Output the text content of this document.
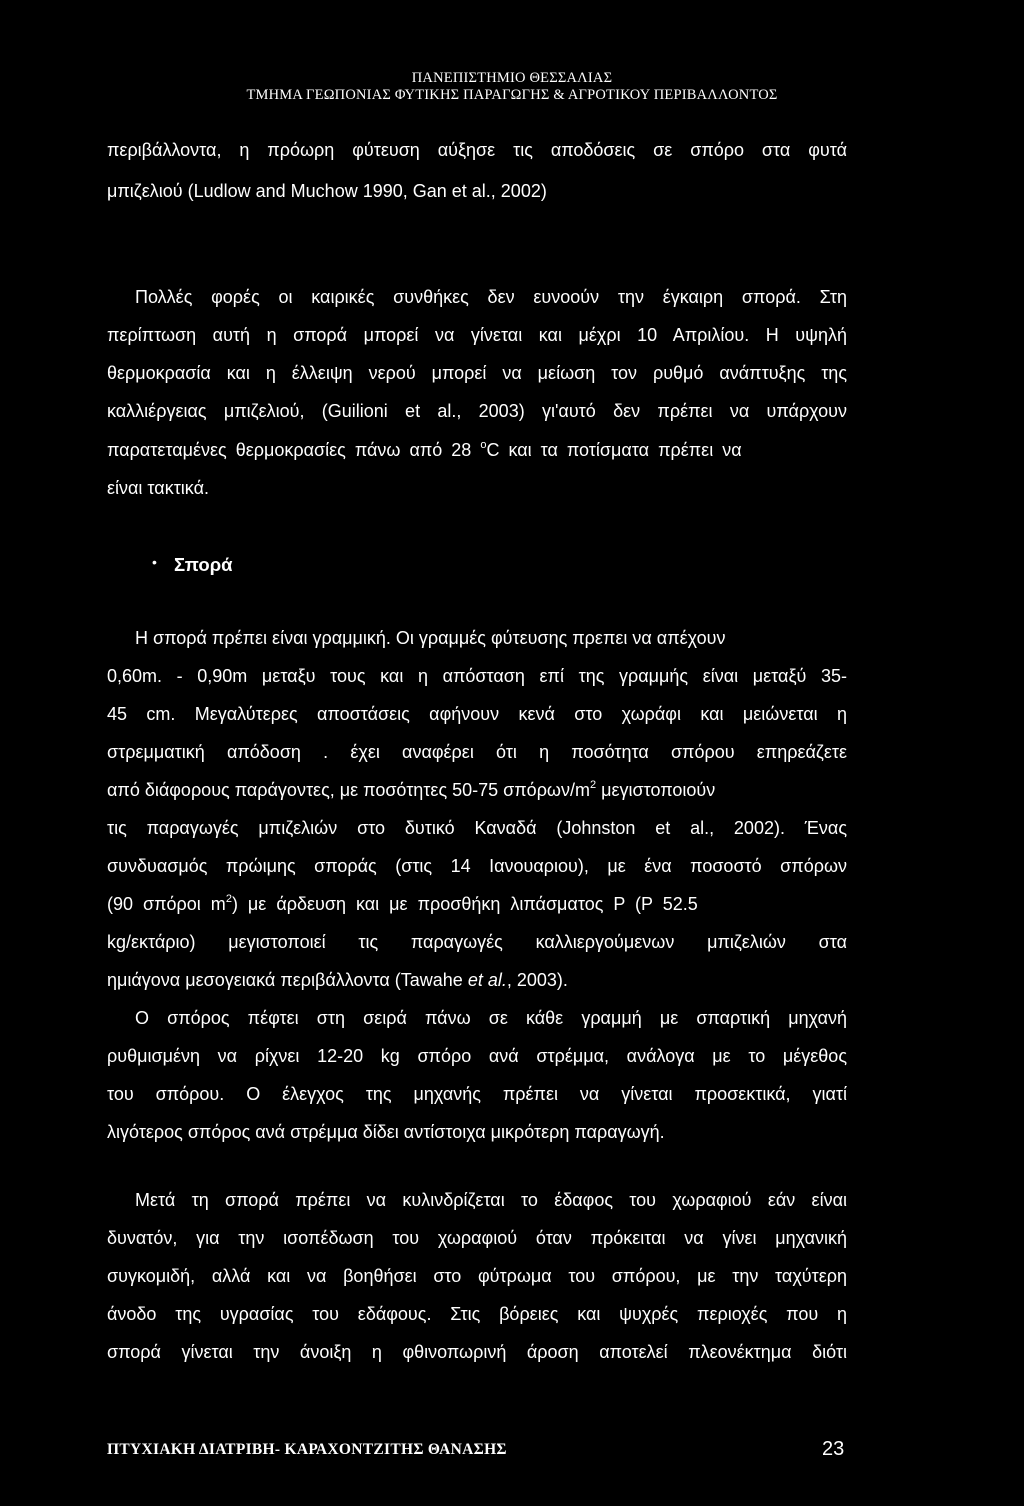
ΠΑΝΕΠΙΣΤΗΜΙΟ ΘΕΣΣΑΛΙΑΣ
ΤΜΗΜΑ ΓΕΩΠΟΝΙΑΣ ΦΥΤΙΚΗΣ ΠΑΡΑΓΩΓΗΣ & ΑΓΡΟΤΙΚΟΥ ΠΕΡΙΒΑΛΛΟΝΤΟΣ
περιβάλλοντα, η πρόωρη φύτευση αύξησε τις αποδόσεις σε σπόρο στα φυτά
μπιζελιού (Ludlow and Muchow 1990, Gan et al., 2002)
Πολλές φορές οι καιρικές συνθήκες δεν ευνοούν την έγκαιρη σπορά. Στη
περίπτωση αυτή η σπορά μπορεί να γίνεται και μέχρι 10 Απριλίου. Η υψηλή
θερμοκρασία και η έλλειψη νερού μπορεί να μείωση τον ρυθμό ανάπτυξης της
καλλιέργειας μπιζελιού, (Guilioni et al., 2003) γι'αυτό δεν πρέπει να υπάρχουν
παρατεταμένες θερμοκρασίες πάνω από 28 $^o$C και τα ποτίσματα πρέπει να
είναι τακτικά.
• Σπορά
Η σπορά πρέπει είναι γραμμική. Οι γραμμές φύτευσης πρεπει να απέχουν
0,60m. - 0,90m μεταξυ τους και η απόσταση επί της γραμμής είναι μεταξύ 35-
45 cm. Μεγαλύτερες αποστάσεις αφήνουν κενά στο χωράφι και μειώνεται η
στρεμματική απόδοση . έχει αναφέρει ότι η ποσότητα σπόρου επηρεάζετε
από διάφορους παράγοντες, με ποσότητες 50-75 σπόρων/$m^2$ μεγιστοποιούν
τις παραγωγές μπιζελιών στο δυτικό Καναδά (Johnston et al., 2002). Ένας
συνδυασμός πρώιμης σποράς (στις 14 Ιανουαριου), με ένα ποσοστό σπόρων
(90 σπόροι $m^2$) με άρδευση και με προσθήκη λιπάσματος P (P 52.5
kg/εκτάριο) μεγιστοποιεί τις παραγωγές καλλιεργούμενων μπιζελιών στα
ημιάγονα μεσογειακά περιβάλλοντα (Tawahe et al., 2003).
Ο σπόρος πέφτει στη σειρά πάνω σε κάθε γραμμή με σπαρτική μηχανή
ρυθμισμένη να ρίχνει 12-20 kg σπόρο ανά στρέμμα, ανάλογα με το μέγεθος
του σπόρου. Ο έλεγχος της μηχανής πρέπει να γίνεται προσεκτικά, γιατί
λιγότερος σπόρος ανά στρέμμα δίδει αντίστοιχα μικρότερη παραγωγή.
Μετά τη σπορά πρέπει να κυλινδρίζεται το έδαφος του χωραφιού εάν είναι
δυνατόν, για την ισοπέδωση του χωραφιού όταν πρόκειται να γίνει μηχανική
συγκομιδή, αλλά και να βοηθήσει στο φύτρωμα του σπόρου, με την ταχύτερη
άνοδο της υγρασίας του εδάφους. Στις βόρειες και ψυχρές περιοχές που η
σπορά γίνεται την άνοιξη η φθινοπωρινή άροση αποτελεί πλεονέκτημα διότι
ΠΤΥΧΙΑΚΗ ΔΙΑΤΡΙΒΗ- ΚΑΡΑΧΟΝΤΖΙΤΗΣ ΘΑΝΑΣΗΣ	23
